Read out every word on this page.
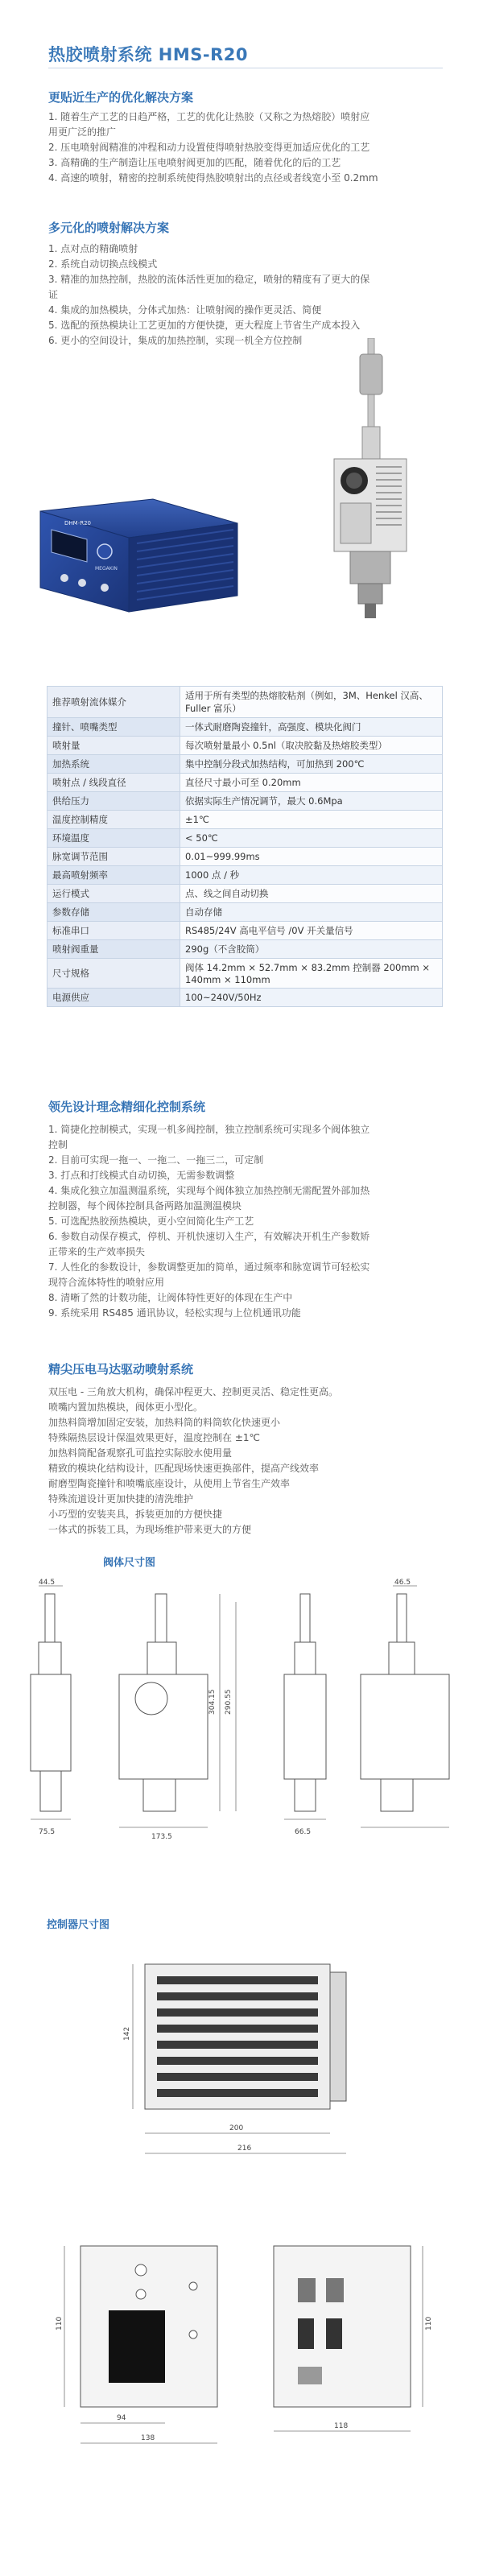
热胶喷射系统 HMS-R20
更贴近生产的优化解决方案
1. 随着生产工艺的日趋严格，工艺的优化让热胶（又称之为热熔胶）喷射应
用更广泛的推广
2. 压电喷射阀精准的冲程和动力设置使得喷射热胶变得更加适应优化的工艺
3. 高精确的生产制造让压电喷射阀更加的匹配，随着优化的后的工艺
4. 高速的喷射，精密的控制系统使得热胶喷射出的点径或者线宽小至 0.2mm
多元化的喷射解决方案
1. 点对点的精确喷射
2. 系统自动切换点线模式
3. 精准的加热控制，热胶的流体活性更加的稳定，喷射的精度有了更大的保
证
4. 集成的加热模块，分体式加热：让喷射阀的操作更灵活、简便
5. 选配的预热模块让工艺更加的方便快捷，更大程度上节省生产成本投入
6. 更小的空间设计，集成的加热控制，实现一机全方位控制
DHM-R20
MEGAKIN
推荐喷射流体媒介	适用于所有类型的热熔胶粘剂（例如，3M、Henkel 汉高、Fuller 富乐）
撞针、喷嘴类型	一体式耐磨陶瓷撞针，高强度、模块化阀门
喷射量	每次喷射量最小 0.5nl（取决胶黏及热熔胶类型）
加热系统	集中控制分段式加热结构，可加热到 200℃
喷射点 / 线段直径	直径尺寸最小可至 0.20mm
供给压力	依据实际生产情况调节，最大 0.6Mpa
温度控制精度	±1℃
环境温度	< 50℃
脉宽调节范围	0.01~999.99ms
最高喷射频率	1000 点 / 秒
运行模式	点、线之间自动切换
参数存储	自动存储
标准串口	RS485/24V 高电平信号 /0V 开关量信号
喷射阀重量	290g（不含胶筒）
尺寸规格	阀体 14.2mm × 52.7mm × 83.2mm 控制器 200mm × 140mm × 110mm
电源供应	100~240V/50Hz
领先设计理念精细化控制系统
1. 简捷化控制模式，实现一机多阀控制，独立控制系统可实现多个阀体独立
控制
2. 目前可实现一拖一、一拖二、一拖三二，可定制
3. 打点和打线模式自动切换，无需参数调整
4. 集成化独立加温测温系统，实现每个阀体独立加热控制无需配置外部加热
控制器，每个阀体控制具备两路加温测温模块
5. 可选配热胶预热模块，更小空间简化生产工艺
6. 参数自动保存模式，停机、开机快速切入生产，有效解决开机生产参数矫
正带来的生产效率损失
7. 人性化的参数设计，参数调整更加的简单，通过频率和脉宽调节可轻松实
现符合流体特性的喷射应用
8. 清晰了然的计数功能，让阀体特性更好的体现在生产中
9. 系统采用 RS485 通讯协议，轻松实现与上位机通讯功能
精尖压电马达驱动喷射系统
双压电 - 三角放大机构，确保冲程更大、控制更灵活、稳定性更高。
喷嘴内置加热模块，阀体更小型化。
加热料筒增加固定安装，加热料筒的料筒软化快速更小
特殊隔热层设计保温效果更好，温度控制在 ±1℃
加热料筒配备观察孔可监控实际胶水使用量
精致的模块化结构设计，匹配现场快速更换部件，提高产线效率
耐磨型陶瓷撞针和喷嘴底座设计，从使用上节省生产效率
特殊流道设计更加快捷的清洗维护
小巧型的安装夹具，拆装更加的方便快捷
一体式的拆装工具，为现场维护带来更大的方便
阀体尺寸图
44.5
75.5
304.15 290.55
173.5
66.5
46.5
控制器尺寸图
142
200
216
110
94
138
110
118
